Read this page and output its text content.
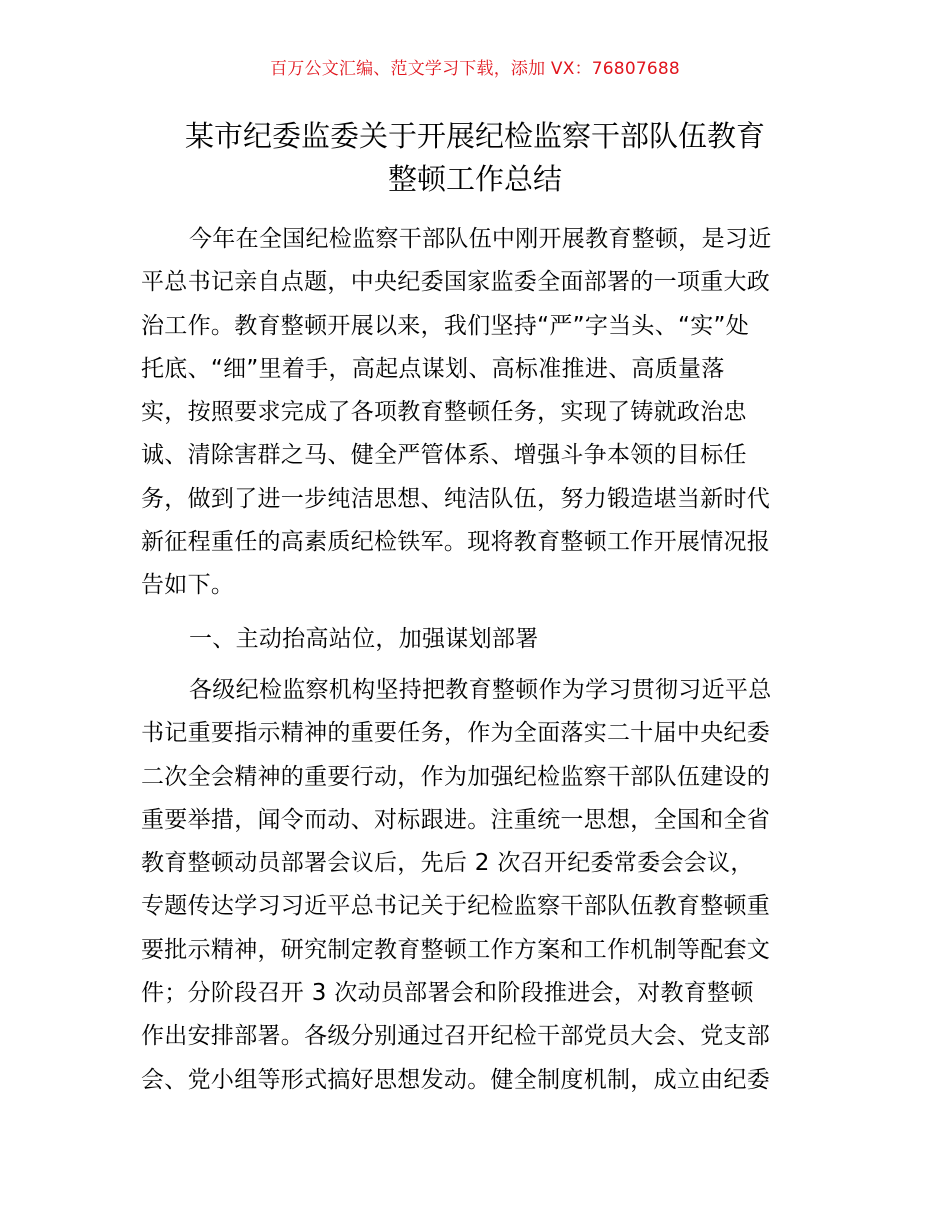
百万公文汇编、范文学习下载，添加 VX：76807688
某市纪委监委关于开展纪检监察干部队伍教育
整顿工作总结
今年在全国纪检监察干部队伍中刚开展教育整顿，是习近
平总书记亲自点题，中央纪委国家监委全面部署的一项重大政
治工作。教育整顿开展以来，我们坚持“严”字当头、“实”处
托底、“细”里着手，高起点谋划、高标准推进、高质量落
实，按照要求完成了各项教育整顿任务，实现了铸就政治忠
诚、清除害群之马、健全严管体系、增强斗争本领的目标任
务，做到了进一步纯洁思想、纯洁队伍，努力锻造堪当新时代
新征程重任的高素质纪检铁军。现将教育整顿工作开展情况报
告如下。
一、主动抬高站位，加强谋划部署
各级纪检监察机构坚持把教育整顿作为学习贯彻习近平总
书记重要指示精神的重要任务，作为全面落实二十届中央纪委
二次全会精神的重要行动，作为加强纪检监察干部队伍建设的
重要举措，闻令而动、对标跟进。注重统一思想，全国和全省
教育整顿动员部署会议后，先后 2 次召开纪委常委会会议，
专题传达学习习近平总书记关于纪检监察干部队伍教育整顿重
要批示精神，研究制定教育整顿工作方案和工作机制等配套文
件；分阶段召开 3 次动员部署会和阶段推进会，对教育整顿
作出安排部署。各级分别通过召开纪检干部党员大会、党支部
会、党小组等形式搞好思想发动。健全制度机制，成立由纪委
